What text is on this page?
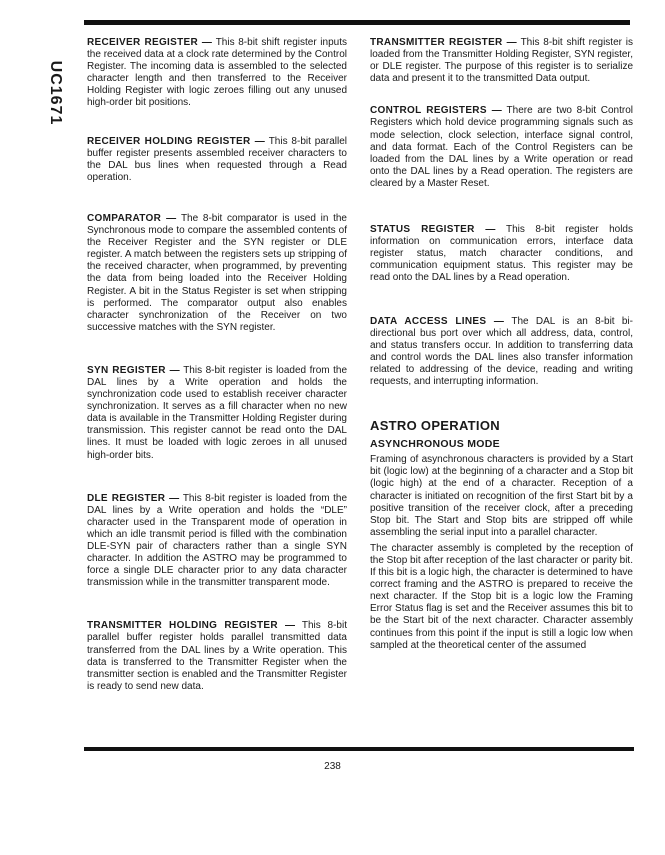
UC1671

RECEIVER REGISTER — This 8-bit shift register inputs the received data at a clock rate determined by the Control Register. The incoming data is assembled to the selected character length and then transferred to the Receiver Holding Register with logic zeroes filling out any unused high-order bit positions.

RECEIVER HOLDING REGISTER — This 8-bit parallel buffer register presents assembled receiver characters to the DAL bus lines when requested through a Read operation.

COMPARATOR — The 8-bit comparator is used in the Synchronous mode to compare the assembled contents of the Receiver Register and the SYN register or DLE register. A match between the registers sets up stripping of the received character, when programmed, by preventing the data from being loaded into the Receiver Holding Register. A bit in the Status Register is set when stripping is performed. The comparator output also enables character synchronization of the Receiver on two successive matches with the SYN register.

SYN REGISTER — This 8-bit register is loaded from the DAL lines by a Write operation and holds the synchronization code used to establish receiver character synchronization. It serves as a fill character when no new data is available in the Transmitter Holding Register during transmission. This register cannot be read onto the DAL lines. It must be loaded with logic zeroes in all unused high-order bits.

DLE REGISTER — This 8-bit register is loaded from the DAL lines by a Write operation and holds the “DLE” character used in the Transparent mode of operation in which an idle transmit period is filled with the combination DLE-SYN pair of characters rather than a single SYN character. In addition the ASTRO may be programmed to force a single DLE character prior to any data character transmission while in the transmitter transparent mode.

TRANSMITTER HOLDING REGISTER — This 8-bit parallel buffer register holds parallel transmitted data transferred from the DAL lines by a Write operation. This data is transferred to the Transmitter Register when the transmitter section is enabled and the Transmitter Register is ready to send new data.

TRANSMITTER REGISTER — This 8-bit shift register is loaded from the Transmitter Holding Register, SYN register, or DLE register. The purpose of this register is to serialize data and present it to the transmitted Data output.

CONTROL REGISTERS — There are two 8-bit Control Registers which hold device programming signals such as mode selection, clock selection, interface signal control, and data format. Each of the Control Registers can be loaded from the DAL lines by a Write operation or read onto the DAL lines by a Read operation. The registers are cleared by a Master Reset.

STATUS REGISTER — This 8-bit register holds information on communication errors, interface data register status, match character conditions, and communication equipment status. This register may be read onto the DAL lines by a Read operation.

DATA ACCESS LINES — The DAL is an 8-bit bi-directional bus port over which all address, data, control, and status transfers occur. In addition to transferring data and control words the DAL lines also transfer information related to addressing of the device, reading and writing requests, and interrupting information.

ASTRO OPERATION
ASYNCHRONOUS MODE

Framing of asynchronous characters is provided by a Start bit (logic low) at the beginning of a character and a Stop bit (logic high) at the end of a character. Reception of a character is initiated on recognition of the first Start bit by a positive transition of the receiver clock, after a preceding Stop bit. The Start and Stop bits are stripped off while assembling the serial input into a parallel character.

The character assembly is completed by the reception of the Stop bit after reception of the last character or parity bit. If this bit is a logic high, the character is determined to have correct framing and the ASTRO is prepared to receive the next character. If the Stop bit is a logic low the Framing Error Status flag is set and the Receiver assumes this bit to be the Start bit of the next character. Character assembly continues from this point if the input is still a logic low when sampled at the theoretical center of the assumed

238
